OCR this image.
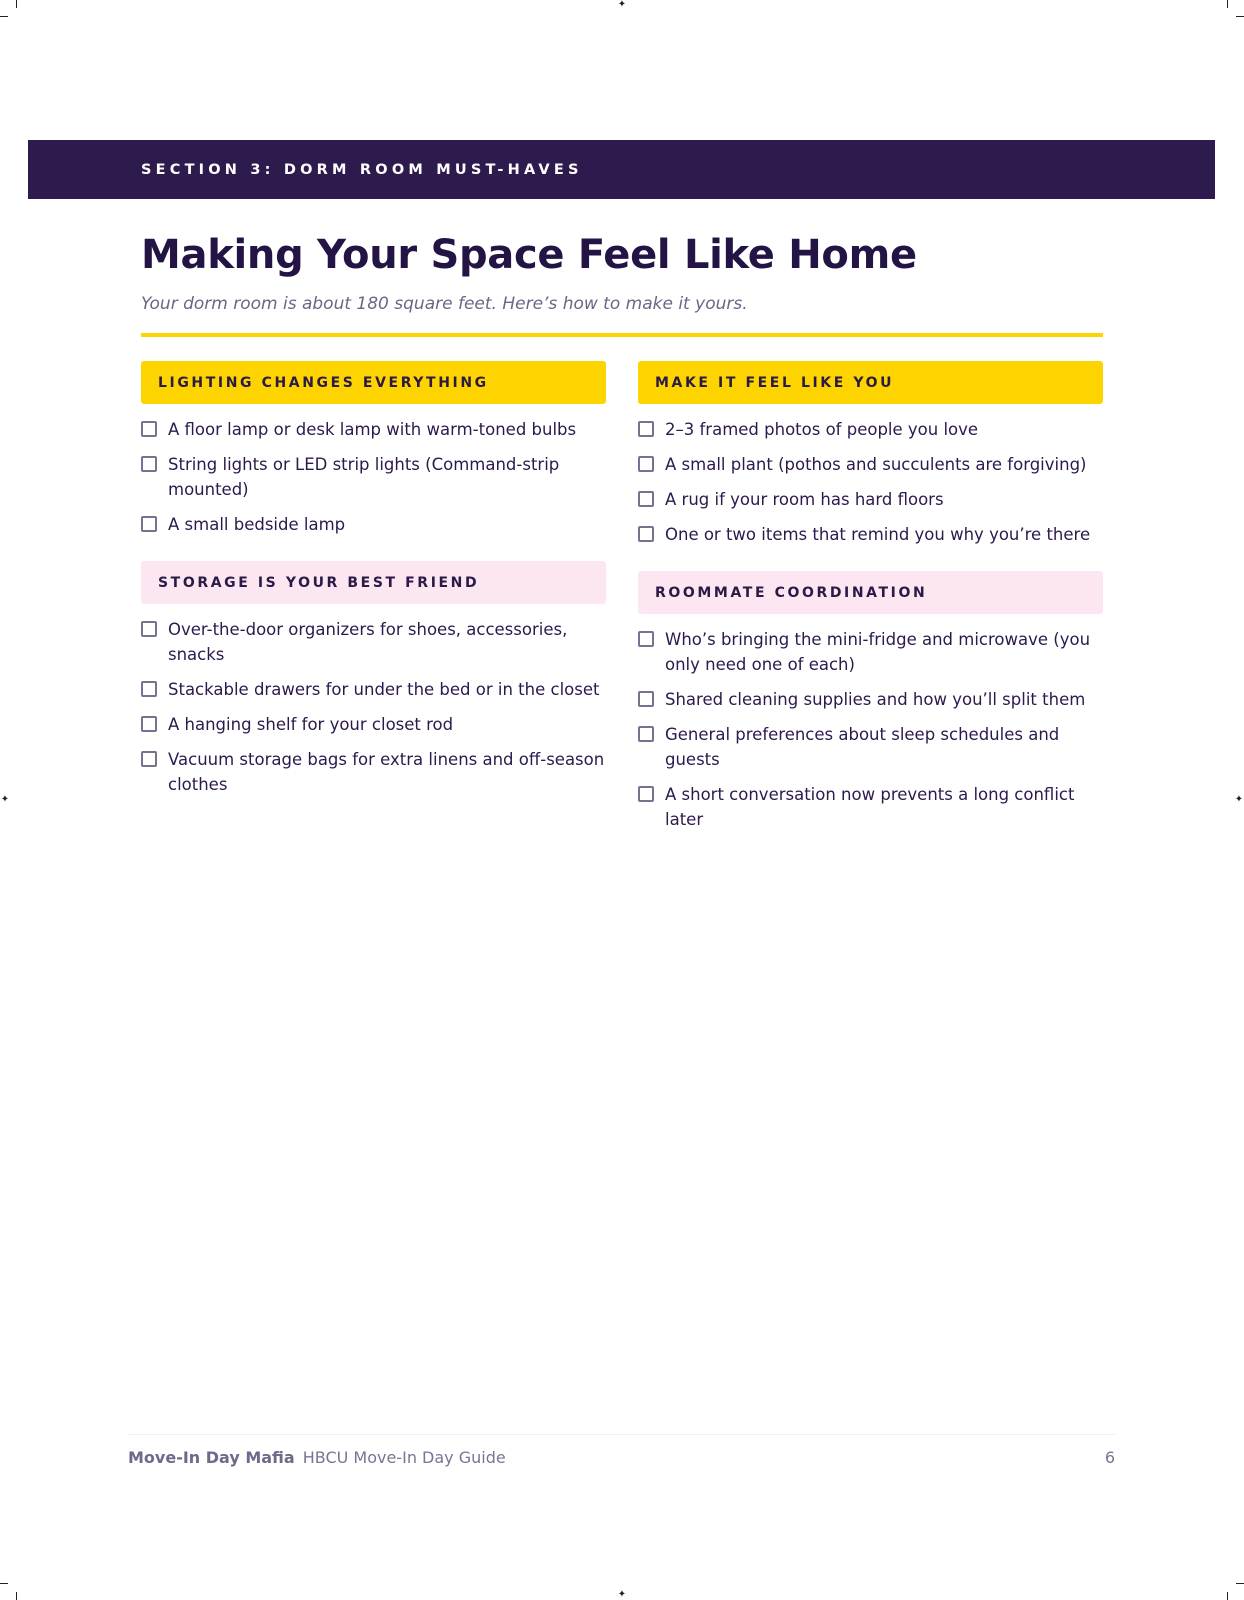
✦
✦
✦	✦
SECTION 3: DORM ROOM MUST-HAVES
Making Your Space Feel Like Home

Your dorm room is about 180 square feet. Here’s how to make it yours.

LIGHTING CHANGES EVERYTHING
A floor lamp or desk lamp with warm-toned bulbs
String lights or LED strip lights (Command-strip mounted)
A small bedside lamp
STORAGE IS YOUR BEST FRIEND
Over-the-door organizers for shoes, accessories, snacks
Stackable drawers for under the bed or in the closet
A hanging shelf for your closet rod
Vacuum storage bags for extra linens and off-season clothes
MAKE IT FEEL LIKE YOU
2–3 framed photos of people you love
A small plant (pothos and succulents are forgiving)
A rug if your room has hard floors
One or two items that remind you why you’re there
ROOMMATE COORDINATION
Who’s bringing the mini-fridge and microwave (you only need one of each)
Shared cleaning supplies and how you’ll split them
General preferences about sleep schedules and guests
A short conversation now prevents a long conflict later
Move-In Day Mafia HBCU Move-In Day Guide	6
